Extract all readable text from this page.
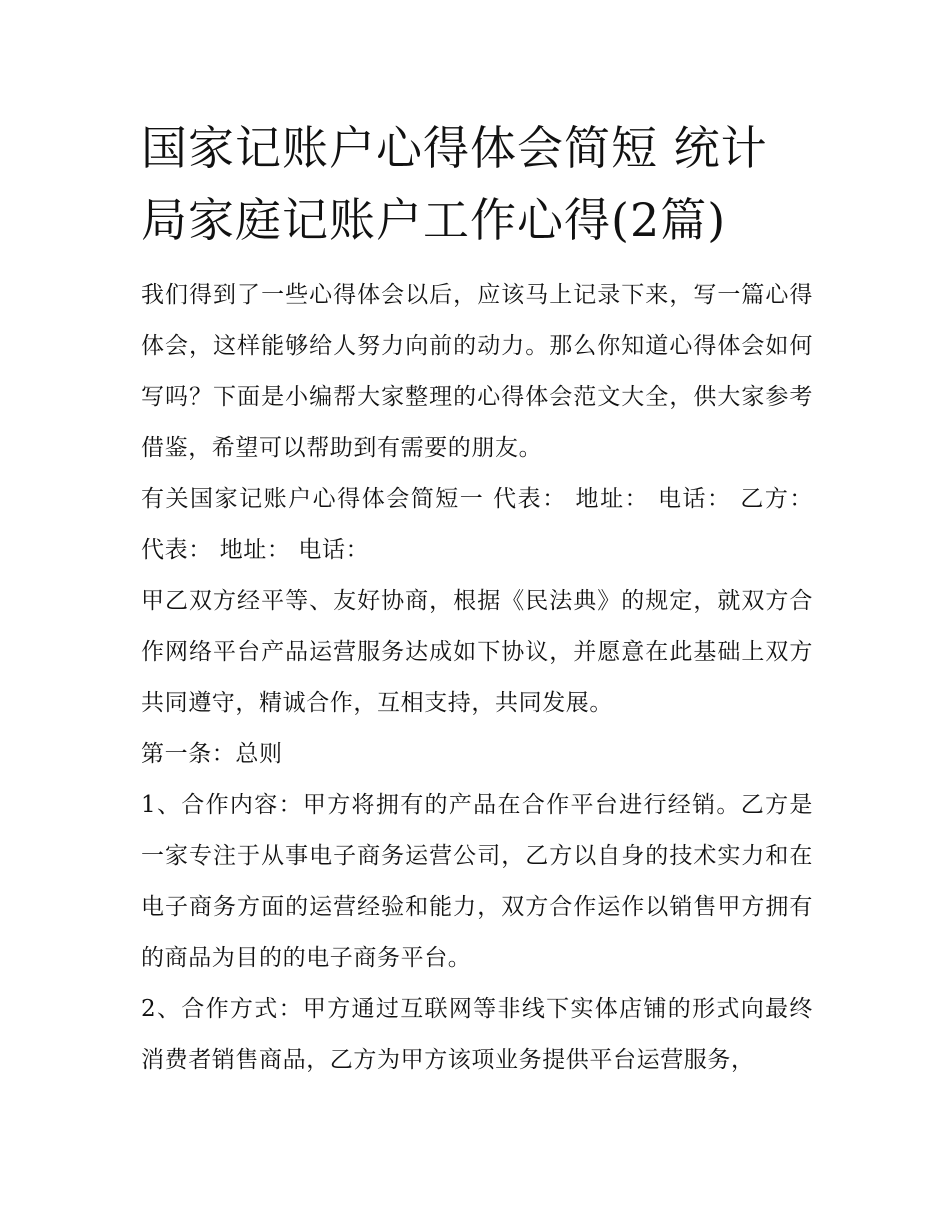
国家记账户心得体会简短 统计局家庭记账户工作心得(2篇)

我们得到了一些心得体会以后，应该马上记录下来，写一篇心得体会，这样能够给人努力向前的动力。那么你知道心得体会如何写吗？下面是小编帮大家整理的心得体会范文大全，供大家参考借鉴，希望可以帮助到有需要的朋友。

有关国家记账户心得体会简短一 代表： 地址： 电话： 乙方： 代表： 地址： 电话：

甲乙双方经平等、友好协商，根据《民法典》的规定，就双方合作网络平台产品运营服务达成如下协议，并愿意在此基础上双方共同遵守，精诚合作，互相支持，共同发展。

第一条：总则

1、合作内容：甲方将拥有的产品在合作平台进行经销。乙方是一家专注于从事电子商务运营公司，乙方以自身的技术实力和在电子商务方面的运营经验和能力，双方合作运作以销售甲方拥有的商品为目的的电子商务平台。

2、合作方式：甲方通过互联网等非线下实体店铺的形式向最终消费者销售商品，乙方为甲方该项业务提供平台运营服务，
